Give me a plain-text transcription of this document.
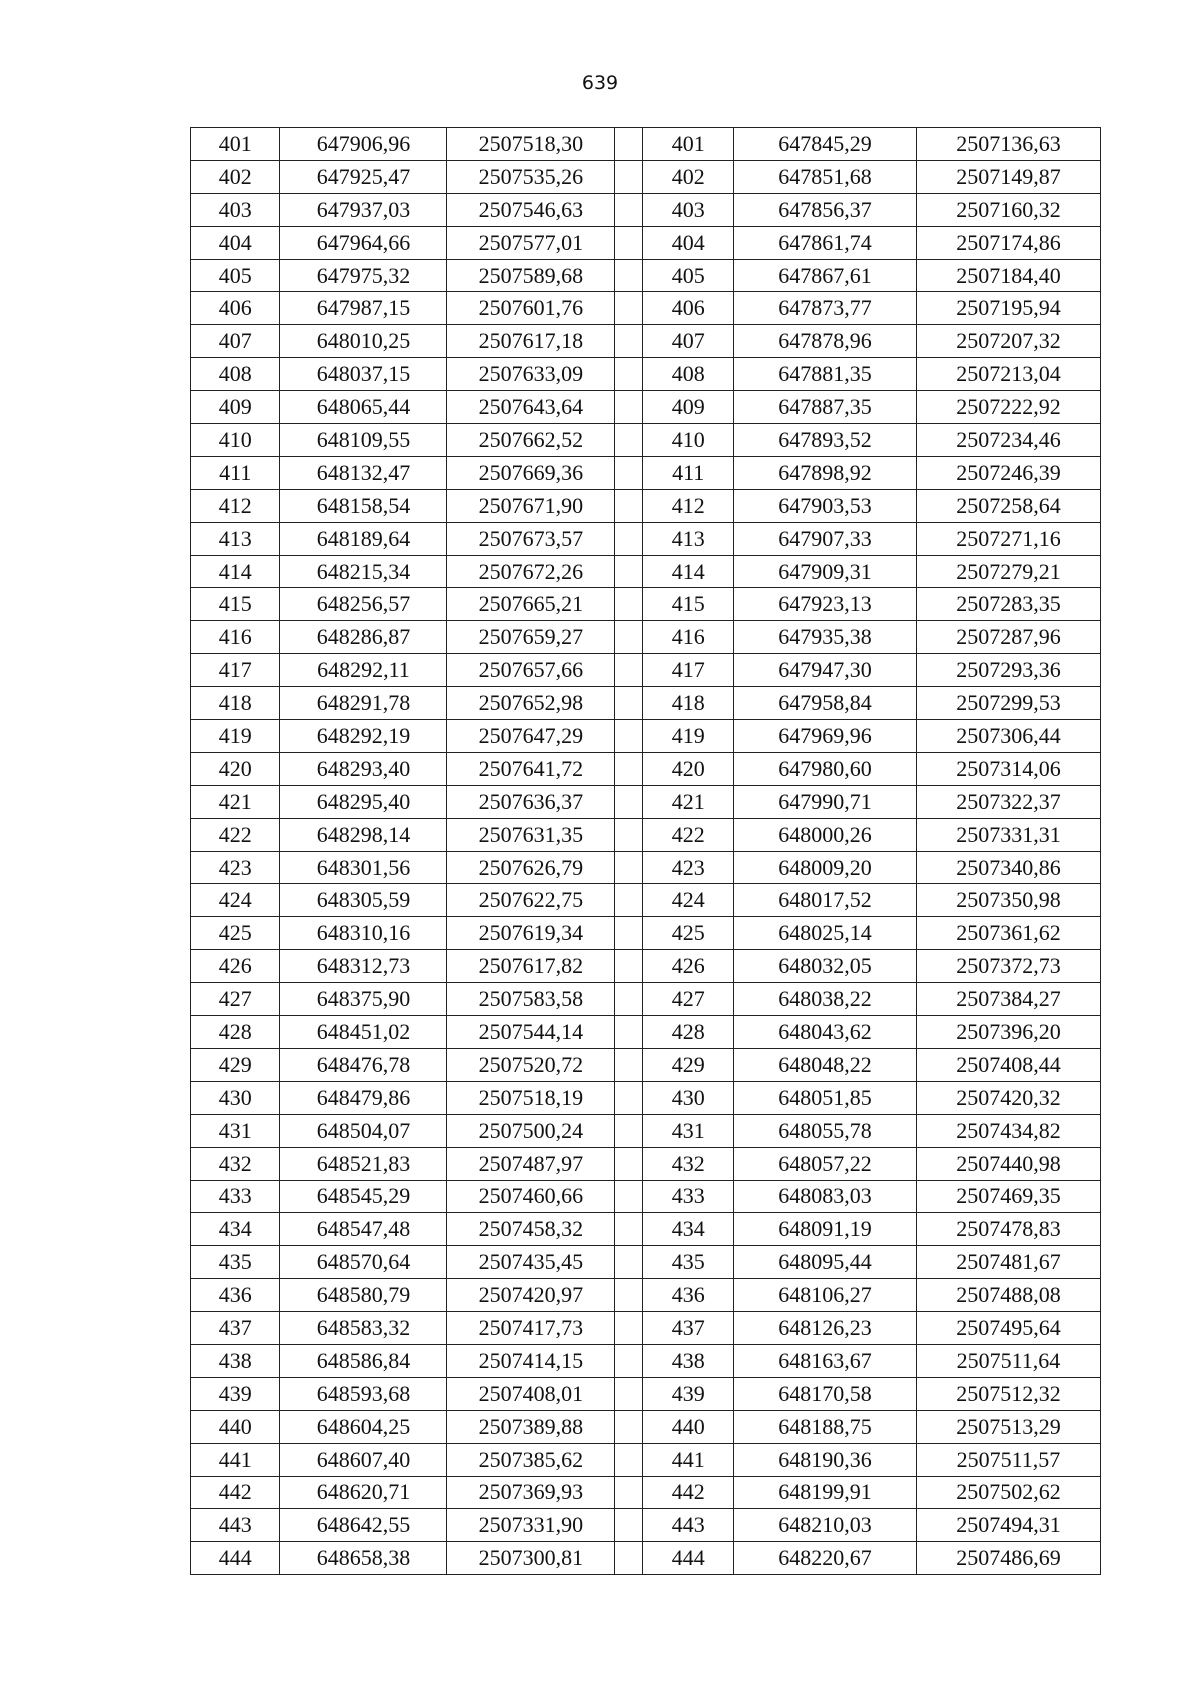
639
401	647906,96	2507518,30		401	647845,29	2507136,63
402	647925,47	2507535,26		402	647851,68	2507149,87
403	647937,03	2507546,63		403	647856,37	2507160,32
404	647964,66	2507577,01		404	647861,74	2507174,86
405	647975,32	2507589,68		405	647867,61	2507184,40
406	647987,15	2507601,76		406	647873,77	2507195,94
407	648010,25	2507617,18		407	647878,96	2507207,32
408	648037,15	2507633,09		408	647881,35	2507213,04
409	648065,44	2507643,64		409	647887,35	2507222,92
410	648109,55	2507662,52		410	647893,52	2507234,46
411	648132,47	2507669,36		411	647898,92	2507246,39
412	648158,54	2507671,90		412	647903,53	2507258,64
413	648189,64	2507673,57		413	647907,33	2507271,16
414	648215,34	2507672,26		414	647909,31	2507279,21
415	648256,57	2507665,21		415	647923,13	2507283,35
416	648286,87	2507659,27		416	647935,38	2507287,96
417	648292,11	2507657,66		417	647947,30	2507293,36
418	648291,78	2507652,98		418	647958,84	2507299,53
419	648292,19	2507647,29		419	647969,96	2507306,44
420	648293,40	2507641,72		420	647980,60	2507314,06
421	648295,40	2507636,37		421	647990,71	2507322,37
422	648298,14	2507631,35		422	648000,26	2507331,31
423	648301,56	2507626,79		423	648009,20	2507340,86
424	648305,59	2507622,75		424	648017,52	2507350,98
425	648310,16	2507619,34		425	648025,14	2507361,62
426	648312,73	2507617,82		426	648032,05	2507372,73
427	648375,90	2507583,58		427	648038,22	2507384,27
428	648451,02	2507544,14		428	648043,62	2507396,20
429	648476,78	2507520,72		429	648048,22	2507408,44
430	648479,86	2507518,19		430	648051,85	2507420,32
431	648504,07	2507500,24		431	648055,78	2507434,82
432	648521,83	2507487,97		432	648057,22	2507440,98
433	648545,29	2507460,66		433	648083,03	2507469,35
434	648547,48	2507458,32		434	648091,19	2507478,83
435	648570,64	2507435,45		435	648095,44	2507481,67
436	648580,79	2507420,97		436	648106,27	2507488,08
437	648583,32	2507417,73		437	648126,23	2507495,64
438	648586,84	2507414,15		438	648163,67	2507511,64
439	648593,68	2507408,01		439	648170,58	2507512,32
440	648604,25	2507389,88		440	648188,75	2507513,29
441	648607,40	2507385,62		441	648190,36	2507511,57
442	648620,71	2507369,93		442	648199,91	2507502,62
443	648642,55	2507331,90		443	648210,03	2507494,31
444	648658,38	2507300,81		444	648220,67	2507486,69
